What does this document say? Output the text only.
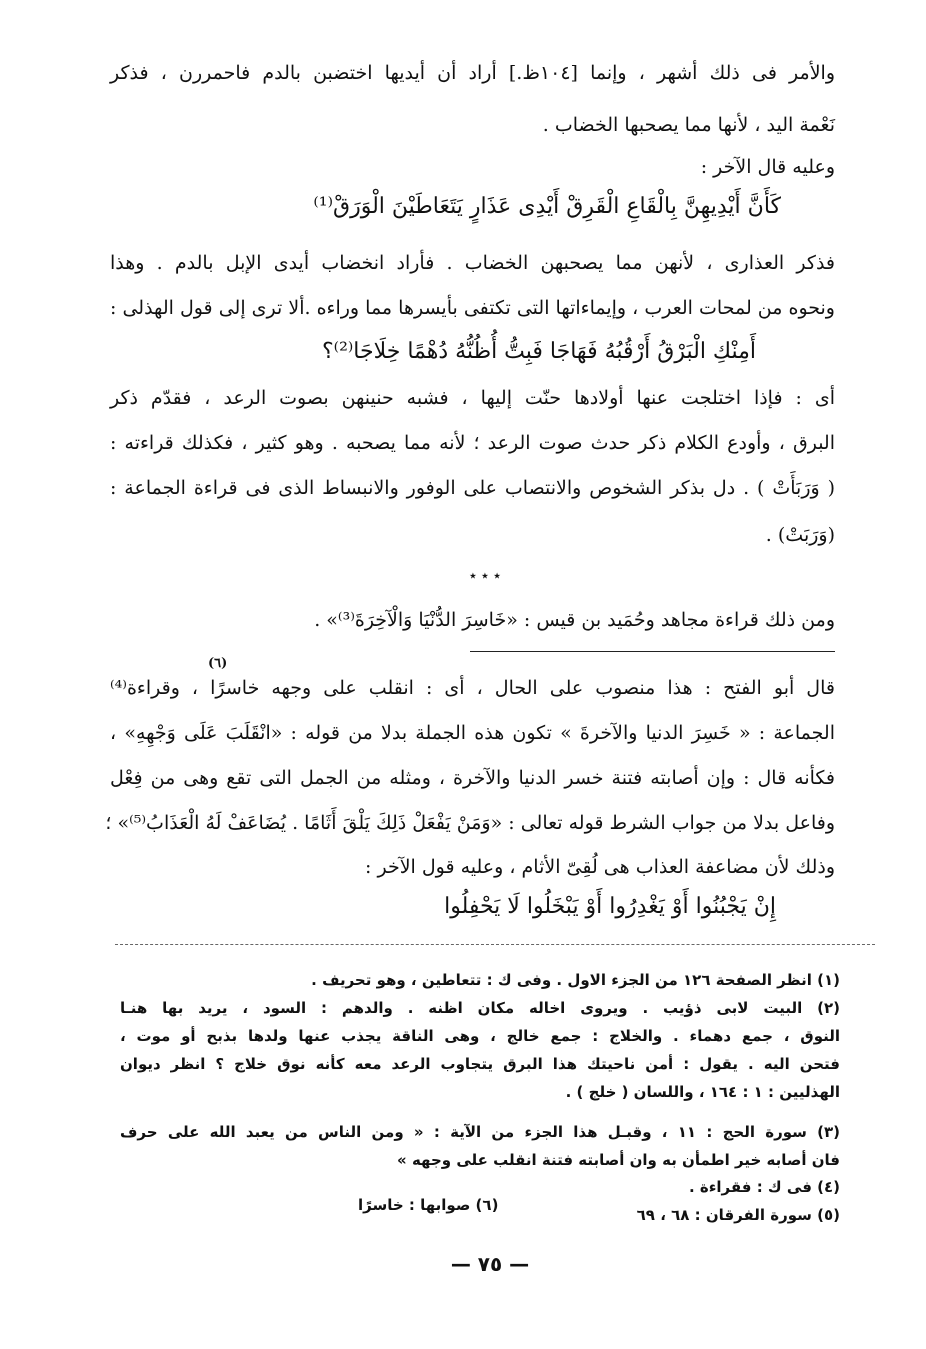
والأمر فى ذلك أشهر ، وإنما [١٠٤ظ.] أراد أن أيديها اختضبن بالدم فاحمررن ، فذكر
نَعْمة اليد ، لأنها مما يصحبها الخضاب .
وعليه قال الآخر :
كَأَنَّ أَيْدِيهِنَّ بِالْقَاعِ الْقَرِقْ أَيْدِى عَذَارٍ يَتَعَاطَيْنَ الْوَرَقْ⁽¹⁾
فذكر العذارى ، لأنهن مما يصحبهن الخضاب . فأراد انخضاب أيدى الإبل بالدم . وهذا
ونحوه من لمحات العرب ، وإيماءاتها التى تكتفى بأيسرها مما وراءه .ألا ترى إلى قول الهذلى :
أَمِنْكِ الْبَرْقُ أَرْقُبُهُ فَهَاجَا فَبِتُّ أُظُنُّهُ دُهْمًا خِلَاجَا⁽²⁾؟
أى : فإذا اختلجت عنها أولادها حنّت إليها ، فشبه حنينهن بصوت الرعد ، فقدّم ذكر
البرق ، وأودع الكلام ذكر حدث صوت الرعد ؛ لأنه مما يصحبه . وهو كثير ، فكذلك قراءته :
( وَرَبَأَتْ ) . دل بذكر الشخوص والانتصاب على الوفور والانبساط الذى فى قراءة الجماعة :
(وَرَبَتْ) .
٭ ٭ ٭
ومن ذلك قراءة مجاهد وحُمَيد بن قيس : «خَاسِرَ الدُّنْيَا وَالْآخِرَةَ⁽³⁾» .
(٦)
قال أبو الفتح : هذا منصوب على الحال ، أى : انقلب على وجهه خاسرًا ، وقراءة⁽⁴⁾
الجماعة : « خَسِرَ الدنيا والآخرةَ » تكون هذه الجملة بدلا من قوله : «انْقَلَبَ عَلَى وَجْهِهِ» ،
فكأنه قال : وإن أصابته فتنة خسر الدنيا والآخرة ، ومثله من الجمل التى تقع وهى من فِعْل
وفاعل بدلا من جواب الشرط قوله تعالى : «وَمَنْ يَفْعَلْ ذَلِكَ يَلْقَ أَثَامًا . يُضَاعَفْ لَهُ الْعَذَابُ⁽⁵⁾» ؛
وذلك لأن مضاعفة العذاب هى لُقِىّ الأثام ، وعليه قول الآخر :
إِنْ يَجْبُنُوا أَوْ يَغْدِرُوا أَوْ يَبْخَلُوا لَا يَحْفِلُوا
(١) انظر الصفحة ١٢٦ من الجزء الاول . وفى ك : تتعاطين ، وهو تحريف .
(٢) البيت لابى ذؤيب . ويروى اخاله مكان اظنه . والدهم : السود ، يريد بها هنـا
النوق ، جمع دهماء . والخلاج : جمع خالج ، وهى الناقة يجذب عنها ولدها بذبح أو موت ،
فتحن اليه . يقول : أمن ناحيتك هذا البرق يتجاوب الرعد معه كأنه نوق خلاج ؟ انظر ديوان
الهذليين : ١ : ١٦٤ ، واللسان ( خلج ) .
(٣) سورة الحج : ١١ ، وقبـل هذا الجزء من الآية : « ومن الناس من يعبد الله على حرف
فان أصابه خير اطمأن به وان أصابته فتنة انقلب على وجهه »
(٤) فى ك : فقراءة .
(٥) سورة الفرقان : ٦٨ ، ٦٩
(٦) صوابها : خاسرًا
— ٧٥ —
